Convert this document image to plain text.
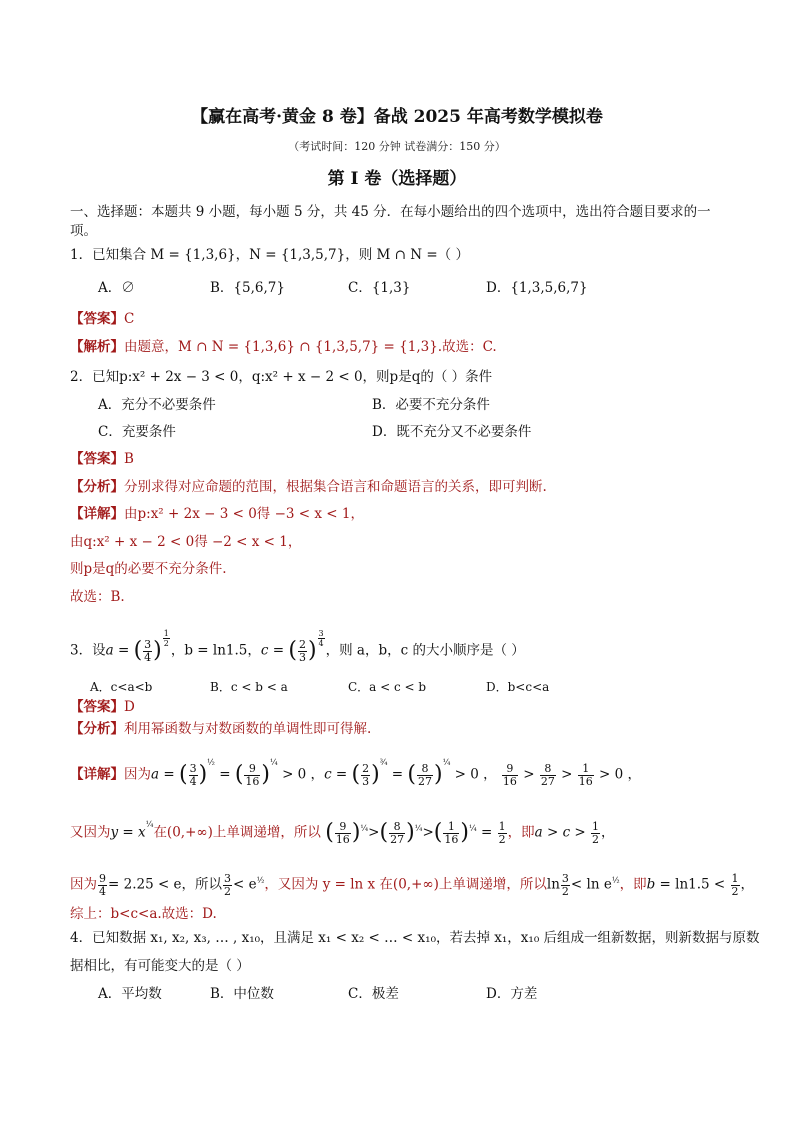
【赢在高考·黄金 8 卷】备战 2025 年高考数学模拟卷
（考试时间：120 分钟 试卷满分：150 分）
第 I 卷（选择题）
一、选择题：本题共 9 小题，每小题 5 分，共 45 分．在每小题给出的四个选项中，选出符合题目要求的一
项。
1．已知集合 M = {1,3,6}，N = {1,3,5,7}，则 M ∩ N =（ ）
A．∅	B．{5,6,7}	C．{1,3}	D．{1,3,5,6,7}
【答案】C
【解析】由题意，M ∩ N = {1,3,6} ∩ {1,3,5,7} = {1,3}.故选：C.
2．已知p:x² + 2x − 3 < 0，q:x² + x − 2 < 0，则p是q的（ ）条件
A．充分不必要条件	B．必要不充分条件
C．充要条件	D．既不充分又不必要条件
【答案】B
【分析】分别求得对应命题的范围，根据集合语言和命题语言的关系，即可判断.
【详解】由p:x² + 2x − 3 < 0得 −3 < x < 1，
由q:x² + x − 2 < 0得 −2 < x < 1，
则p是q的必要不充分条件.
故选：B.
3．设a = ( $\frac{3}{4}$ ) $^{\frac{1}{2}}$
，b = ln1.5，c = ( $\frac{2}{3}$ ) $^{\frac{3}{4}}$
，则 a，b，c 的大小顺序是（ ）
A．c<a<b	B．c < b < a	C．a < c < b	D．b<c<a
【答案】D
【分析】利用幂函数与对数函数的单调性即可得解.
【详解】因为a = ( $\frac{3}{4} )^{\frac{1}{2}}$ = ( $\frac{9}{16} )^{\frac{1}{4}} > 0$ ，c = ( $\frac{2}{3} )^{\frac{3}{4}}$ = ( $\frac{8}{27} )^{\frac{1}{4}} > 0$ ， $\frac{9}{16} > \frac{8}{27} > \frac{1}{16} > 0$ ，
又因为$y = x^{\frac{1}{4}}$在(0,+∞)上单调递增，所以 ( $\frac{9}{16} )^{\frac{1}{4}}>( \frac{8}{27} )^{\frac{1}{4}}>( \frac{1}{16} )^{\frac{1}{4}} = \frac{1}{2}$ ，即$a > c > \frac{1}{2}$ ，
因为 $\frac{9}{4} = 2.25 < e$，所以 $\frac{3}{2} < e^{\frac{1}{2}}$，又因为 y = ln x 在(0,+∞)上单调递增，所以$\ln \frac{3}{2} < \ln e^{\frac{1}{2}}$，即$b = \ln 1.5 < \frac{1}{2}$ ，
综上：b<c<a.故选：D.
4．已知数据 x₁, x₂, x₃, … , x₁₀，且满足 x₁ < x₂ < … < x₁₀，若去掉 x₁，x₁₀ 后组成一组新数据，则新数据与原数
据相比，有可能变大的是（ ）
A．平均数	B．中位数	C．极差	D．方差
